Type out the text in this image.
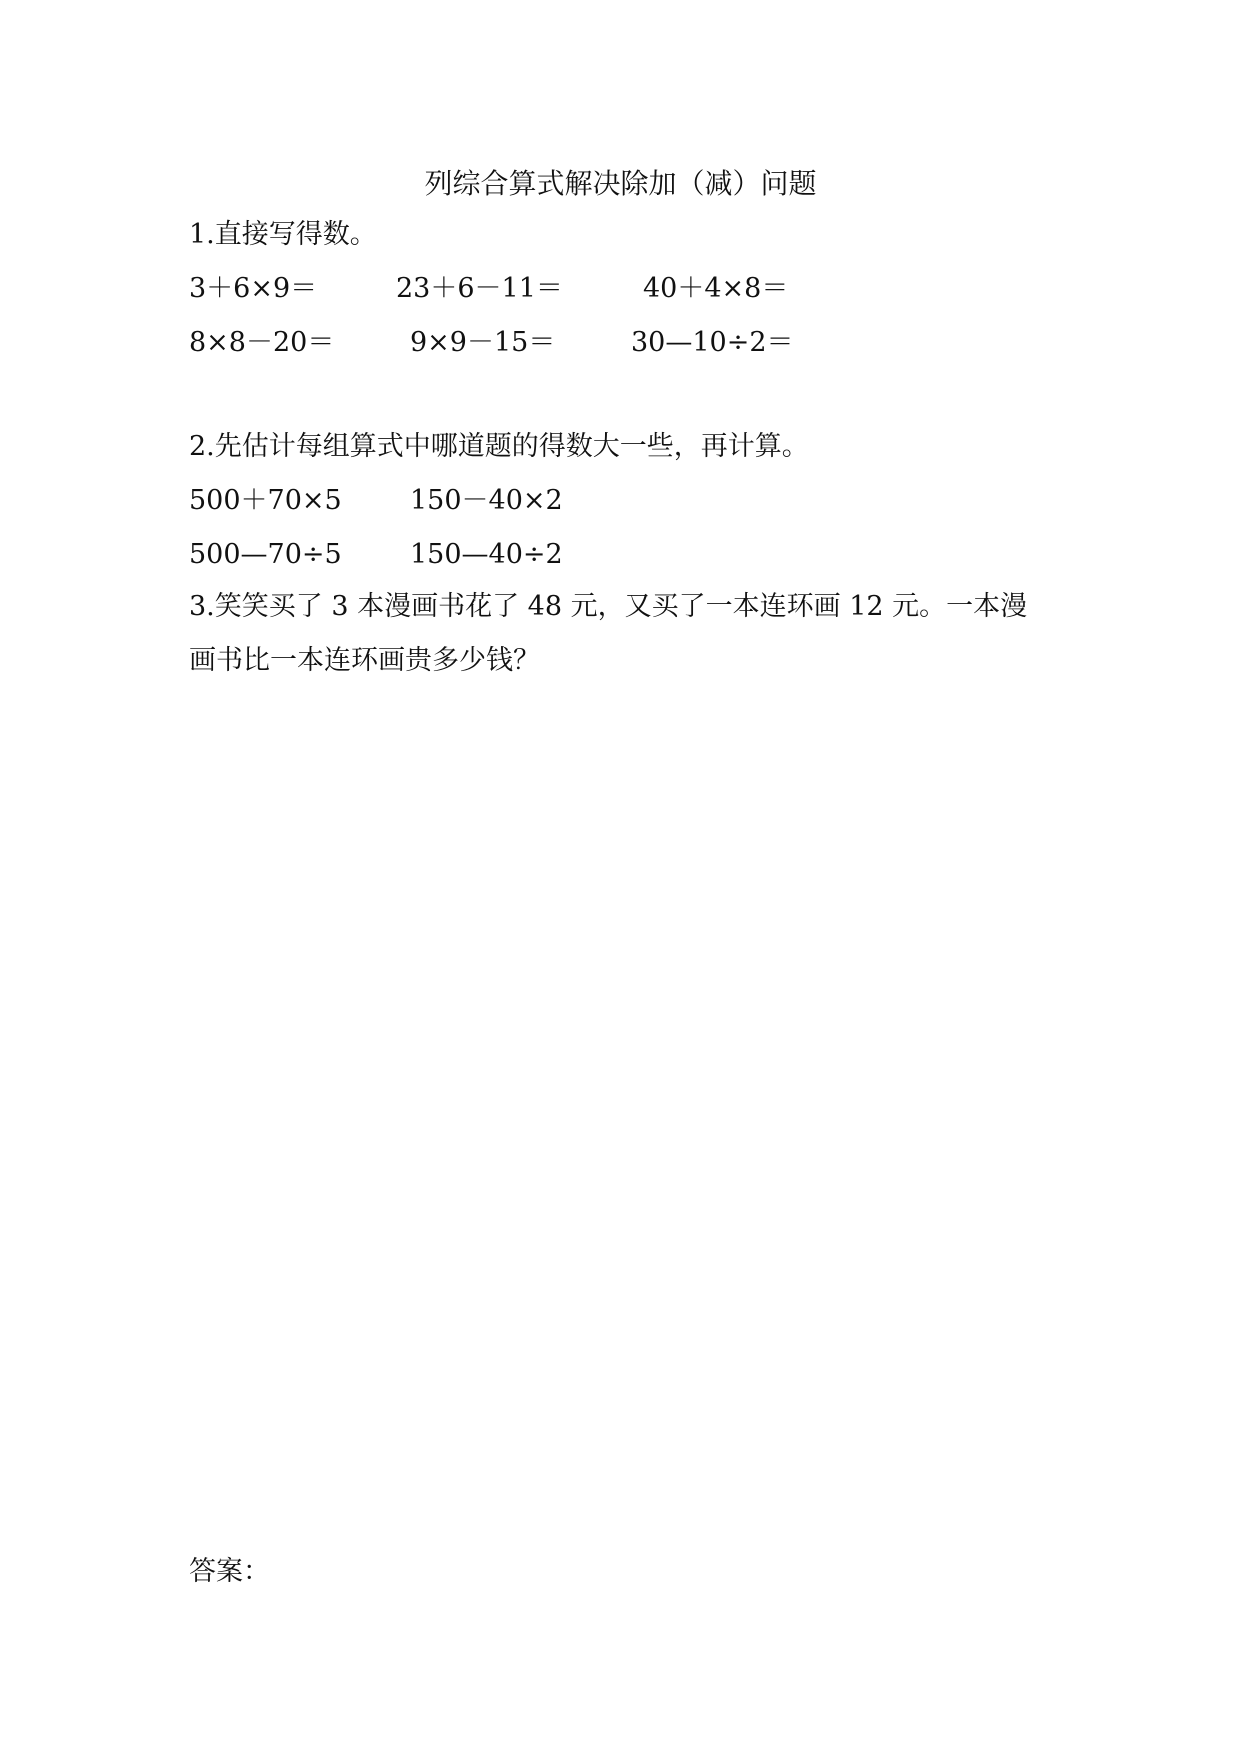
列综合算式解决除加（减）问题
1.直接写得数。
3＋6×9＝	23＋6－11＝	40＋4×8＝
8×8－20＝	9×9－15＝	30—10÷2＝
2.先估计每组算式中哪道题的得数大一些，再计算。
500＋70×5	150－40×2
500—70÷5	150—40÷2
3.笑笑买了 3 本漫画书花了 48 元，又买了一本连环画 12 元。一本漫
画书比一本连环画贵多少钱？
答案：
